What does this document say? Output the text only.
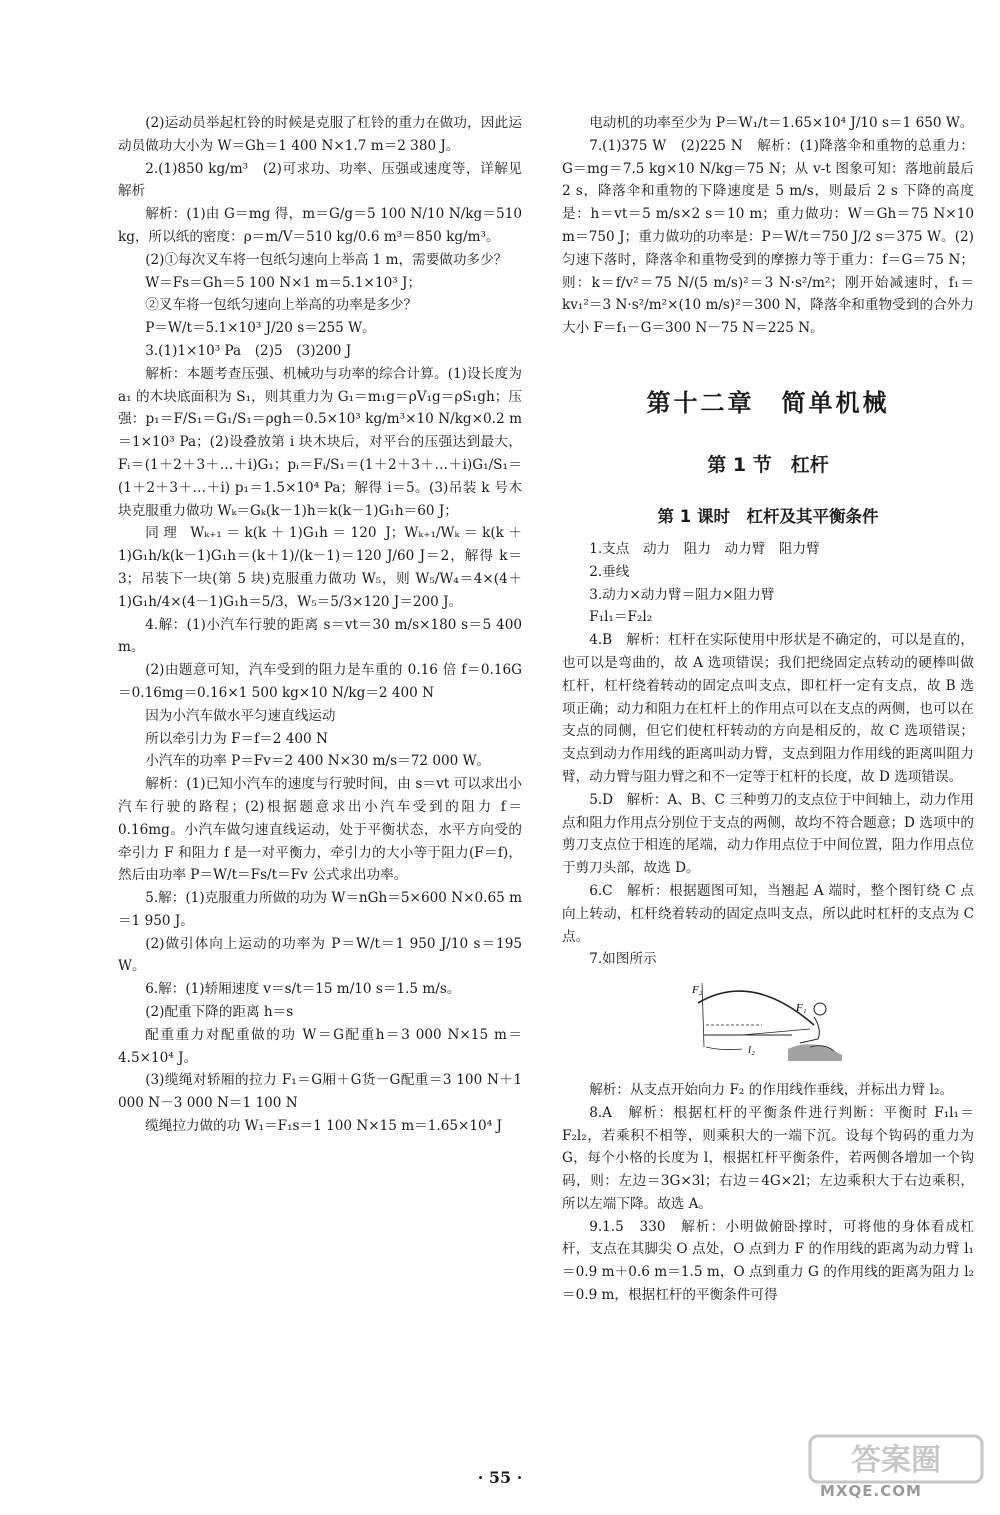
(2)运动员举起杠铃的时候是克服了杠铃的重力在做功，因此运动员做功大小为 W＝Gh＝1 400 N×1.7 m＝2 380 J。

2.(1)850 kg/m³　(2)可求功、功率、压强或速度等，详解见解析

解析：(1)由 G＝mg 得，m＝G/g＝5 100 N/10 N/kg＝510 kg，所以纸的密度：ρ＝m/V＝510 kg/0.6 m³＝850 kg/m³。

(2)①每次叉车将一包纸匀速向上举高 1 m，需要做功多少？

W＝Fs＝Gh＝5 100 N×1 m＝5.1×10³ J；

②叉车将一包纸匀速向上举高的功率是多少？

P＝W/t＝5.1×10³ J/20 s＝255 W。

3.(1)1×10³ Pa　(2)5　(3)200 J

解析：本题考查压强、机械功与功率的综合计算。(1)设长度为 a₁ 的木块底面积为 S₁，则其重力为 G₁＝m₁g＝ρV₁g＝ρS₁gh；压强：p₁＝F/S₁＝G₁/S₁＝ρgh＝0.5×10³ kg/m³×10 N/kg×0.2 m＝1×10³ Pa；(2)设叠放第 i 块木块后，对平台的压强达到最大，Fᵢ＝(1＋2＋3＋…＋i)G₁；pᵢ＝Fᵢ/S₁＝(1＋2＋3＋…＋i)G₁/S₁＝(1＋2＋3＋…＋i) p₁＝1.5×10⁴ Pa；解得 i＝5。(3)吊装 k 号木块克服重力做功 Wₖ＝Gₖ(k－1)h＝k(k－1)G₁h＝60 J；

同理 Wₖ₊₁＝k(k＋1)G₁h＝120 J；Wₖ₊₁/Wₖ＝k(k＋1)G₁h/k(k－1)G₁h＝(k＋1)/(k－1)＝120 J/60 J＝2，解得 k＝3；吊装下一块(第 5 块)克服重力做功 W₅，则 W₅/W₄＝4×(4＋1)G₁h/4×(4－1)G₁h＝5/3，W₅＝5/3×120 J＝200 J。

4.解：(1)小汽车行驶的距离 s＝vt＝30 m/s×180 s＝5 400 m。

(2)由题意可知，汽车受到的阻力是车重的 0.16 倍 f＝0.16G＝0.16mg＝0.16×1 500 kg×10 N/kg＝2 400 N

因为小汽车做水平匀速直线运动

所以牵引力为 F＝f＝2 400 N

小汽车的功率 P＝Fv＝2 400 N×30 m/s＝72 000 W。

解析：(1)已知小汽车的速度与行驶时间，由 s＝vt 可以求出小汽车行驶的路程；(2)根据题意求出小汽车受到的阻力 f＝0.16mg。小汽车做匀速直线运动，处于平衡状态，水平方向受的牵引力 F 和阻力 f 是一对平衡力，牵引力的大小等于阻力(F＝f)，然后由功率 P＝W/t＝Fs/t＝Fv 公式求出功率。

5.解：(1)克服重力所做的功为 W＝nGh＝5×600 N×0.65 m＝1 950 J。

(2)做引体向上运动的功率为 P＝W/t＝1 950 J/10 s＝195 W。

6.解：(1)轿厢速度 v＝s/t＝15 m/10 s＝1.5 m/s。

(2)配重下降的距离 h＝s

配重重力对配重做的功 W＝G配重h＝3 000 N×15 m＝4.5×10⁴ J。

(3)缆绳对轿厢的拉力 F₁＝G厢＋G货－G配重＝3 100 N＋1 000 N－3 000 N＝1 100 N

缆绳拉力做的功 W₁＝F₁s＝1 100 N×15 m＝1.65×10⁴ J

电动机的功率至少为 P＝W₁/t＝1.65×10⁴ J/10 s＝1 650 W。

7.(1)375 W　(2)225 N　解析：(1)降落伞和重物的总重力：G＝mg＝7.5 kg×10 N/kg＝75 N；从 v-t 图象可知：落地前最后 2 s，降落伞和重物的下降速度是 5 m/s，则最后 2 s 下降的高度是：h＝vt＝5 m/s×2 s＝10 m；重力做功：W＝Gh＝75 N×10 m＝750 J；重力做功的功率是：P＝W/t＝750 J/2 s＝375 W。(2)匀速下落时，降落伞和重物受到的摩擦力等于重力：f＝G＝75 N；则：k＝f/v²＝75 N/(5 m/s)²＝3 N·s²/m²；刚开始减速时，f₁＝kv₁²＝3 N·s²/m²×(10 m/s)²＝300 N，降落伞和重物受到的合外力大小 F＝f₁－G＝300 N－75 N＝225 N。

第十二章　简单机械
第 1 节　杠杆
第 1 课时　杠杆及其平衡条件

1.支点　动力　阻力　动力臂　阻力臂

2.垂线

3.动力×动力臂＝阻力×阻力臂

F₁l₁＝F₂l₂

4.B　解析：杠杆在实际使用中形状是不确定的，可以是直的，也可以是弯曲的，故 A 选项错误；我们把绕固定点转动的硬棒叫做杠杆，杠杆绕着转动的固定点叫支点，即杠杆一定有支点，故 B 选项正确；动力和阻力在杠杆上的作用点可以在支点的两侧，也可以在支点的同侧，但它们使杠杆转动的方向是相反的，故 C 选项错误；支点到动力作用线的距离叫动力臂，支点到阻力作用线的距离叫阻力臂，动力臂与阻力臂之和不一定等于杠杆的长度，故 D 选项错误。

5.D　解析：A、B、C 三种剪刀的支点位于中间轴上，动力作用点和阻力作用点分别位于支点的两侧，故均不符合题意；D 选项中的剪刀支点位于相连的尾端，动力作用点位于中间位置，阻力作用点位于剪刀头部，故选 D。

6.C　解析：根据题图可知，当翘起 A 端时，整个图钉绕 C 点向上转动，杠杆绕着转动的固定点叫支点，所以此时杠杆的支点为 C 点。

7.如图所示

F₂
F₁
l₂

解析：从支点开始向力 F₂ 的作用线作垂线，并标出力臂 l₂。

8.A　解析：根据杠杆的平衡条件进行判断：平衡时 F₁l₁＝F₂l₂，若乘积不相等，则乘积大的一端下沉。设每个钩码的重力为 G，每个小格的长度为 l，根据杠杆平衡条件，若两侧各增加一个钩码，则：左边＝3G×3l；右边＝4G×2l；左边乘积大于右边乘积，所以左端下降。故选 A。

9.1.5　330　解析：小明做俯卧撑时，可将他的身体看成杠杆，支点在其脚尖 O 点处，O 点到力 F 的作用线的距离为动力臂 l₁＝0.9 m＋0.6 m＝1.5 m，O 点到重力 G 的作用线的距离为阻力 l₂＝0.9 m，根据杠杆的平衡条件可得

· 55 ·	答案圈
MXQE.COM
